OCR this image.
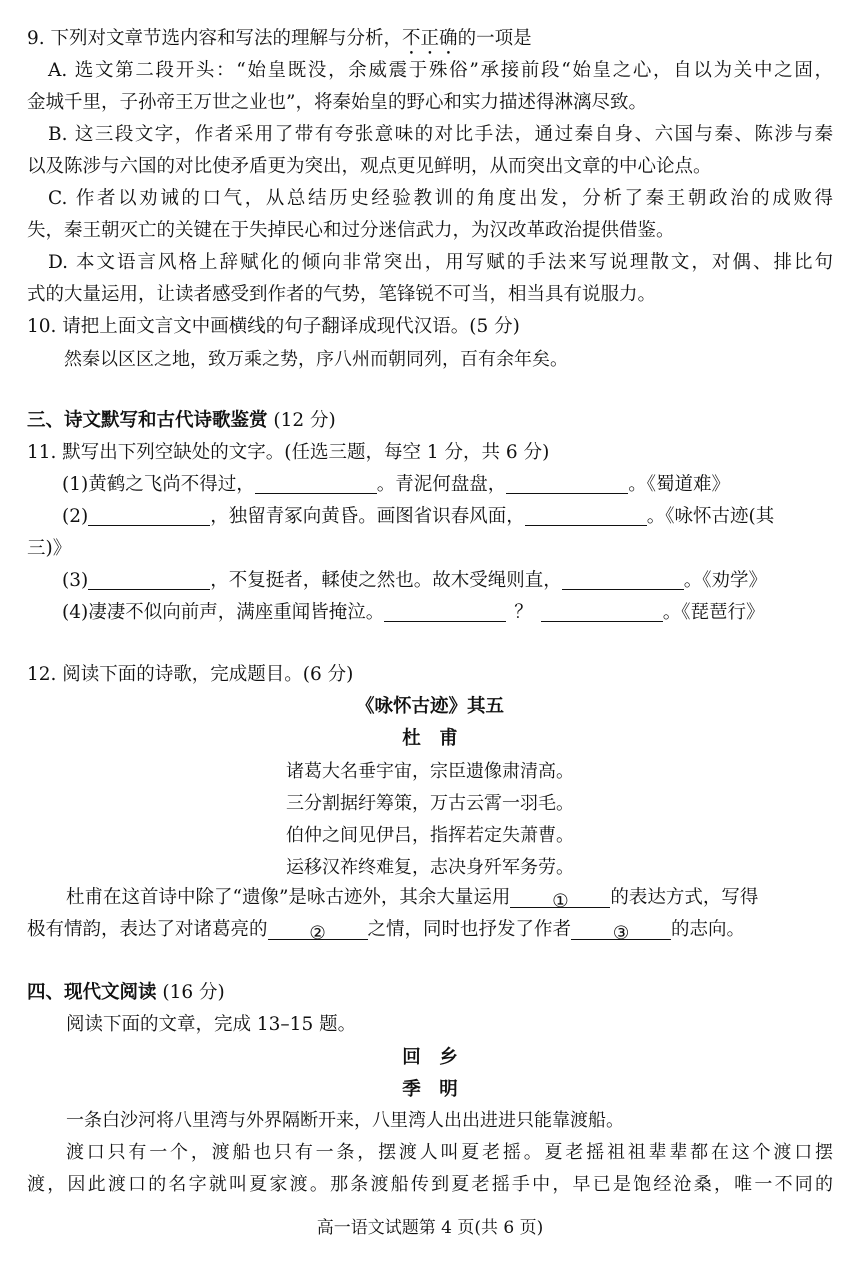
9. 下列对文章节选内容和写法的理解与分析，不正确的一项是
A. 选文第二段开头：“始皇既没，余威震于殊俗”承接前段“始皇之心，自以为关中之固，
金城千里，子孙帝王万世之业也”，将秦始皇的野心和实力描述得淋漓尽致。
B. 这三段文字，作者采用了带有夸张意味的对比手法，通过秦自身、六国与秦、陈涉与秦
以及陈涉与六国的对比使矛盾更为突出，观点更见鲜明，从而突出文章的中心论点。
C. 作者以劝诫的口气，从总结历史经验教训的角度出发，分析了秦王朝政治的成败得
失，秦王朝灭亡的关键在于失掉民心和过分迷信武力，为汉改革政治提供借鉴。
D. 本文语言风格上辞赋化的倾向非常突出，用写赋的手法来写说理散文，对偶、排比句
式的大量运用，让读者感受到作者的气势，笔锋锐不可当，相当具有说服力。
10. 请把上面文言文中画横线的句子翻译成现代汉语。(5 分)
然秦以区区之地，致万乘之势，序八州而朝同列，百有余年矣。
三、诗文默写和古代诗歌鉴赏 (12 分)
11. 默写出下列空缺处的文字。(任选三题，每空 1 分，共 6 分)
(1)黄鹤之飞尚不得过，	。青泥何盘盘，	。《蜀道难》
(2)	，独留青冢向黄昏。画图省识春风面，	。《咏怀古迹(其
三)》
(3)	，不复挺者，輮使之然也。故木受绳则直，	。《劝学》
(4)凄凄不似向前声，满座重闻皆掩泣。	？	。《琵琶行》
12. 阅读下面的诗歌，完成题目。(6 分)
《咏怀古迹》其五
杜　甫
诸葛大名垂宇宙，宗臣遗像肃清高。
三分割据纡筹策，万古云霄一羽毛。
伯仲之间见伊吕，指挥若定失萧曹。
运移汉祚终难复，志决身歼军务劳。
杜甫在这首诗中除了“遗像”是咏古迹外，其余大量运用 ① 的表达方式，写得
极有情韵，表达了对诸葛亮的 ② 之情，同时也抒发了作者 ③ 的志向。
四、现代文阅读 (16 分)
阅读下面的文章，完成 13–15 题。
回　乡
季　明
一条白沙河将八里湾与外界隔断开来，八里湾人出出进进只能靠渡船。
渡口只有一个，渡船也只有一条，摆渡人叫夏老摇。夏老摇祖祖辈辈都在这个渡口摆
渡，因此渡口的名字就叫夏家渡。那条渡船传到夏老摇手中，早已是饱经沧桑，唯一不同的
高一语文试题第 4 页(共 6 页)
